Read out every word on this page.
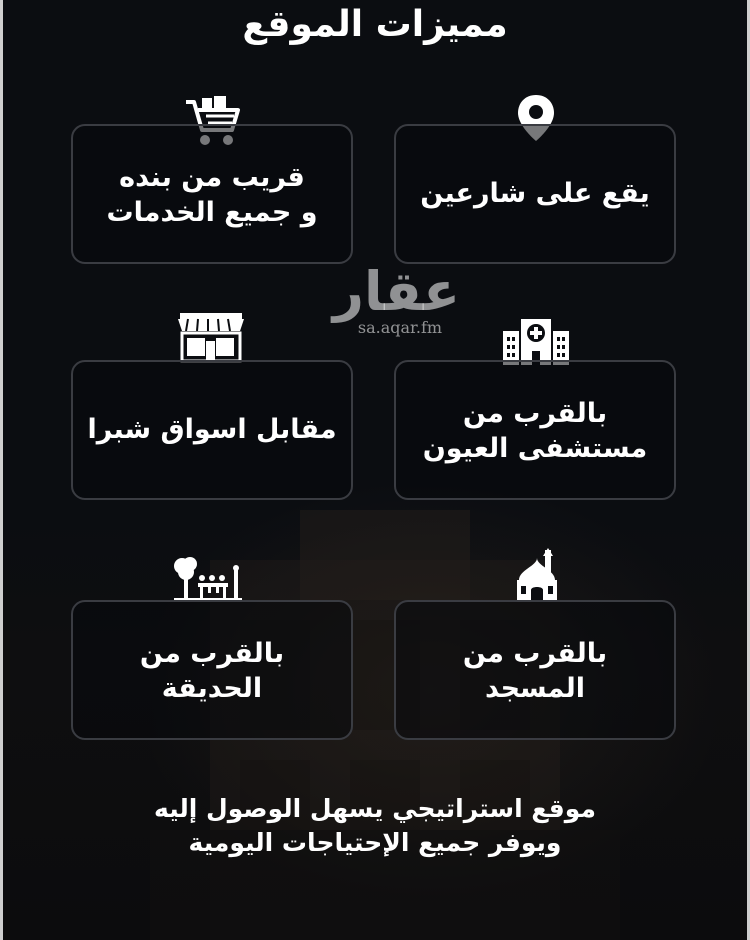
مميزات الموقع
يقع على شارعين
قريب من بنده
و جميع الخدمات
عقار
sa.aqar.fm
بالقرب من
مستشفى العيون
مقابل اسواق شبرا
بالقرب من
المسجد
بالقرب من
الحديقة
موقع استراتيجي يسهل الوصول إليه
ويوفر جميع الإحتياجات اليومية
